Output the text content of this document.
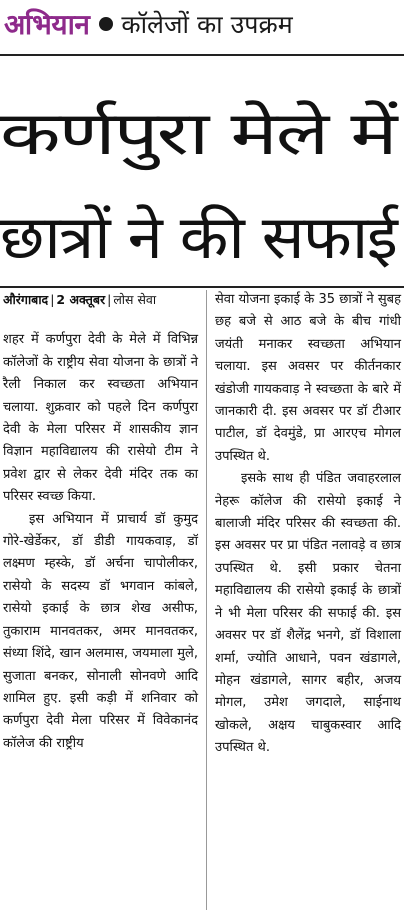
अभियान कॉलेजों का उपक्रम
कर्णपुरा मेले में
छात्रों ने की सफाई
औरंगाबाद | 2 अक्तूबर | लोस सेवा

शहर में कर्णपुरा देवी के मेले में विभिन्न कॉलेजों के राष्ट्रीय सेवा योजना के छात्रों ने रैली निकाल कर स्वच्छता अभियान चलाया. शुक्रवार को पहले दिन कर्णपुरा देवी के मेला परिसर में शासकीय ज्ञान विज्ञान महाविद्यालय की रासेयो टीम ने प्रवेश द्वार से लेकर देवी मंदिर तक का परिसर स्वच्छ किया.

इस अभियान में प्राचार्य डॉ कुमुद गोरे-खेर्डेकर, डॉ डीडी गायकवाड़, डॉ लक्ष्मण म्हस्के, डॉ अर्चना चापोलीकर, रासेयो के सदस्य डॉ भगवान कांबले, रासेयो इकाई के छात्र शेख असीफ, तुकाराम मानवतकर, अमर मानवतकर, संध्या शिंदे, खान अलमास, जयमाला मुले, सुजाता बनकर, सोनाली सोनवणे आदि शामिल हुए. इसी कड़ी में शनिवार को कर्णपुरा देवी मेला परिसर में विवेकानंद कॉलेज की राष्ट्रीय

सेवा योजना इकाई के 35 छात्रों ने सुबह छह बजे से आठ बजे के बीच गांधी जयंती मनाकर स्वच्छता अभियान चलाया. इस अवसर पर कीर्तनकार खंडोजी गायकवाड़ ने स्वच्छता के बारे में जानकारी दी. इस अवसर पर डॉ टीआर पाटील, डॉ देवमुंडे, प्रा आरएच मोगल उपस्थित थे.

इसके साथ ही पंडित जवाहरलाल नेहरू कॉलेज की रासेयो इकाई ने बालाजी मंदिर परिसर की स्वच्छता की. इस अवसर पर प्रा पंडित नलावड़े व छात्र उपस्थित थे. इसी प्रकार चेतना महाविद्यालय की रासेयो इकाई के छात्रों ने भी मेला परिसर की सफाई की. इस अवसर पर डॉ शैलेंद्र भनगे, डॉ विशाला शर्मा, ज्योति आधाने, पवन खंडागले, मोहन खंडागले, सागर बहीर, अजय मोगल, उमेश जगदाले, साईनाथ खोकले, अक्षय चाबुकस्वार आदि उपस्थित थे.
